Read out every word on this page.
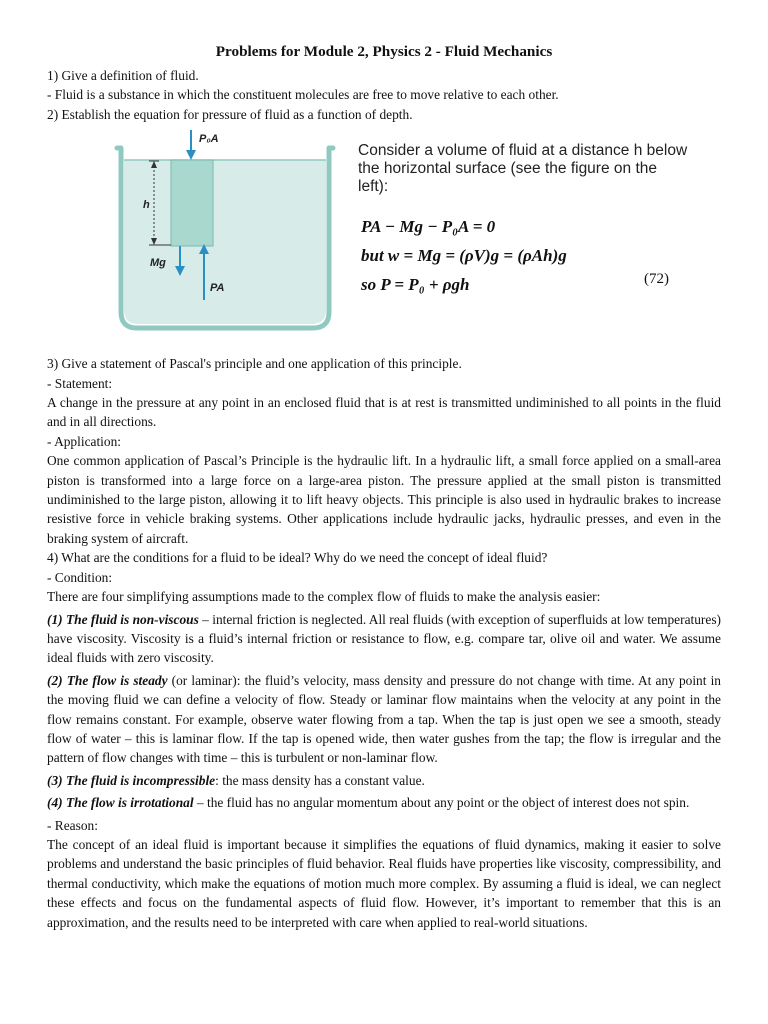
Problems for Module 2, Physics 2 - Fluid Mechanics

1) Give a definition of fluid.

- Fluid is a substance in which the constituent molecules are free to move relative to each other.

2) Establish the equation for pressure of fluid as a function of depth.

P₀A
h
Mg
PA
Consider a volume of fluid at a distance h below the horizontal surface (see the figure on the left):
PA − Mg − P₀A = 0
but w = Mg = (ρV)g = (ρAh)g
so P = P₀ + ρgh	(72)

3) Give a statement of Pascal's principle and one application of this principle.

- Statement:

A change in the pressure at any point in an enclosed fluid that is at rest is transmitted undiminished to all points in the fluid and in all directions.

- Application:

One common application of Pascal’s Principle is the hydraulic lift. In a hydraulic lift, a small force applied on a small-area piston is transformed into a large force on a large-area piston. The pressure applied at the small piston is transmitted undiminished to the large piston, allowing it to lift heavy objects. This principle is also used in hydraulic brakes to increase resistive force in vehicle braking systems. Other applications include hydraulic jacks, hydraulic presses, and even in the braking system of aircraft.

4) What are the conditions for a fluid to be ideal? Why do we need the concept of ideal fluid?

- Condition:

There are four simplifying assumptions made to the complex flow of fluids to make the analysis easier:

(1) The fluid is non-viscous – internal friction is neglected. All real fluids (with exception of superfluids at low temperatures) have viscosity. Viscosity is a fluid’s internal friction or resistance to flow, e.g. compare tar, olive oil and water. We assume ideal fluids with zero viscosity.

(2) The flow is steady (or laminar): the fluid’s velocity, mass density and pressure do not change with time. At any point in the moving fluid we can define a velocity of flow. Steady or laminar flow maintains when the velocity at any point in the flow remains constant. For example, observe water flowing from a tap. When the tap is just open we see a smooth, steady flow of water – this is laminar flow. If the tap is opened wide, then water gushes from the tap; the flow is irregular and the pattern of flow changes with time – this is turbulent or non-laminar flow.

(3) The fluid is incompressible: the mass density has a constant value.

(4) The flow is irrotational – the fluid has no angular momentum about any point or the object of interest does not spin.

- Reason:

The concept of an ideal fluid is important because it simplifies the equations of fluid dynamics, making it easier to solve problems and understand the basic principles of fluid behavior. Real fluids have properties like viscosity, compressibility, and thermal conductivity, which make the equations of motion much more complex. By assuming a fluid is ideal, we can neglect these effects and focus on the fundamental aspects of fluid flow. However, it’s important to remember that this is an approximation, and the results need to be interpreted with care when applied to real-world situations.
